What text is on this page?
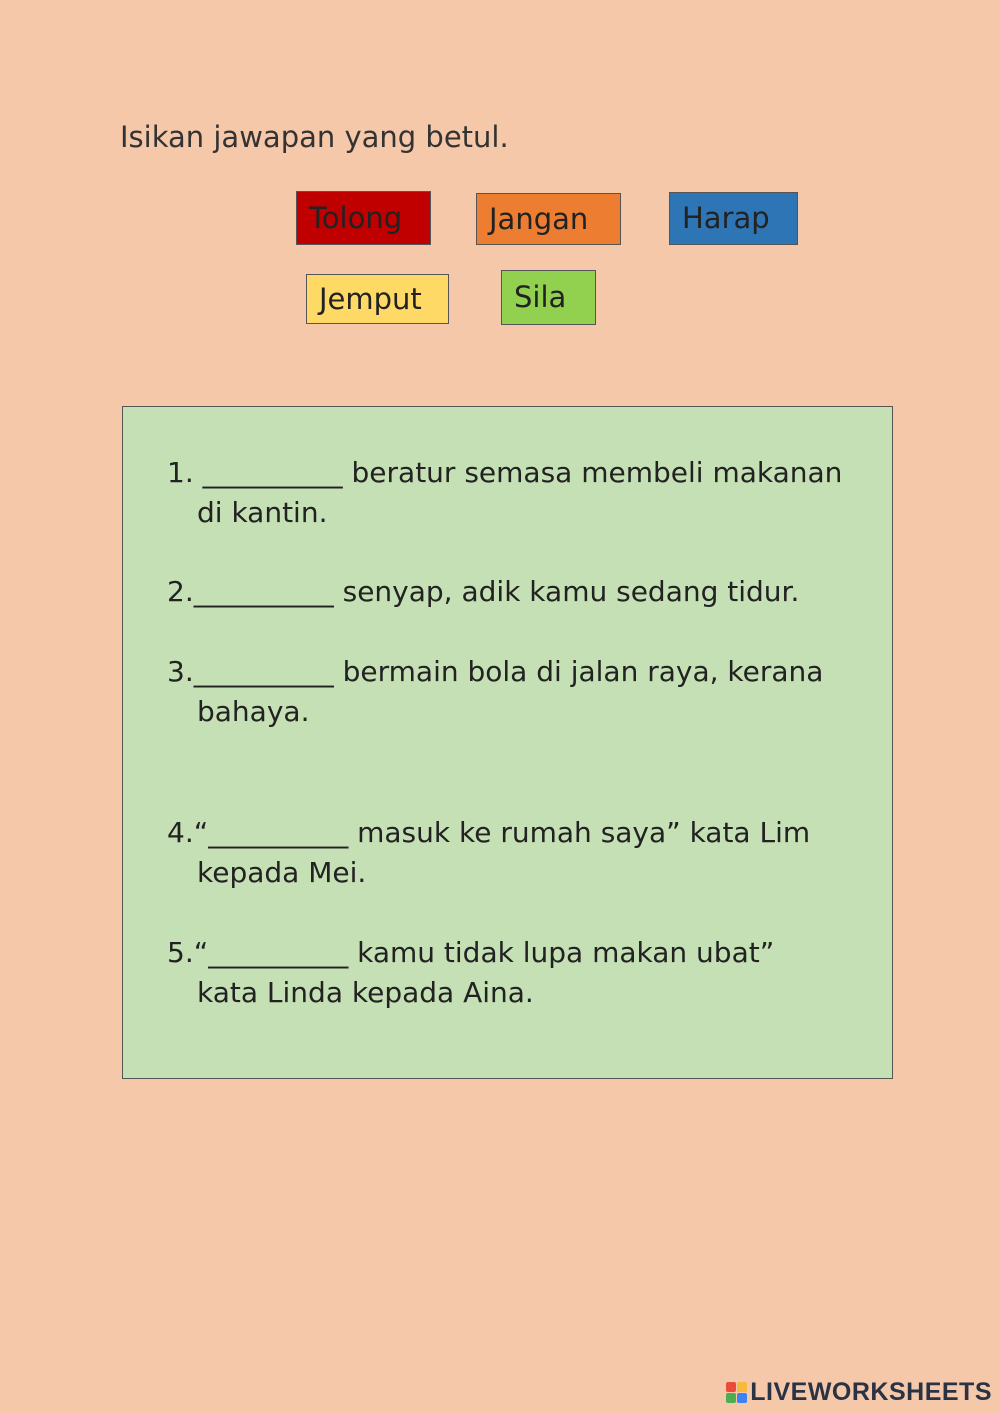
Isikan jawapan yang betul.
Tolong	Jangan	Harap
Jemput	Sila
1. __________ beratur semasa membeli makanan
di kantin.
2.__________ senyap, adik kamu sedang tidur.
3.__________ bermain bola di jalan raya, kerana
bahaya.
4.“__________ masuk ke rumah saya” kata Lim
kepada Mei.
5.“__________ kamu tidak lupa makan ubat”
kata Linda kepada Aina.
LIVEWORKSHEETS
